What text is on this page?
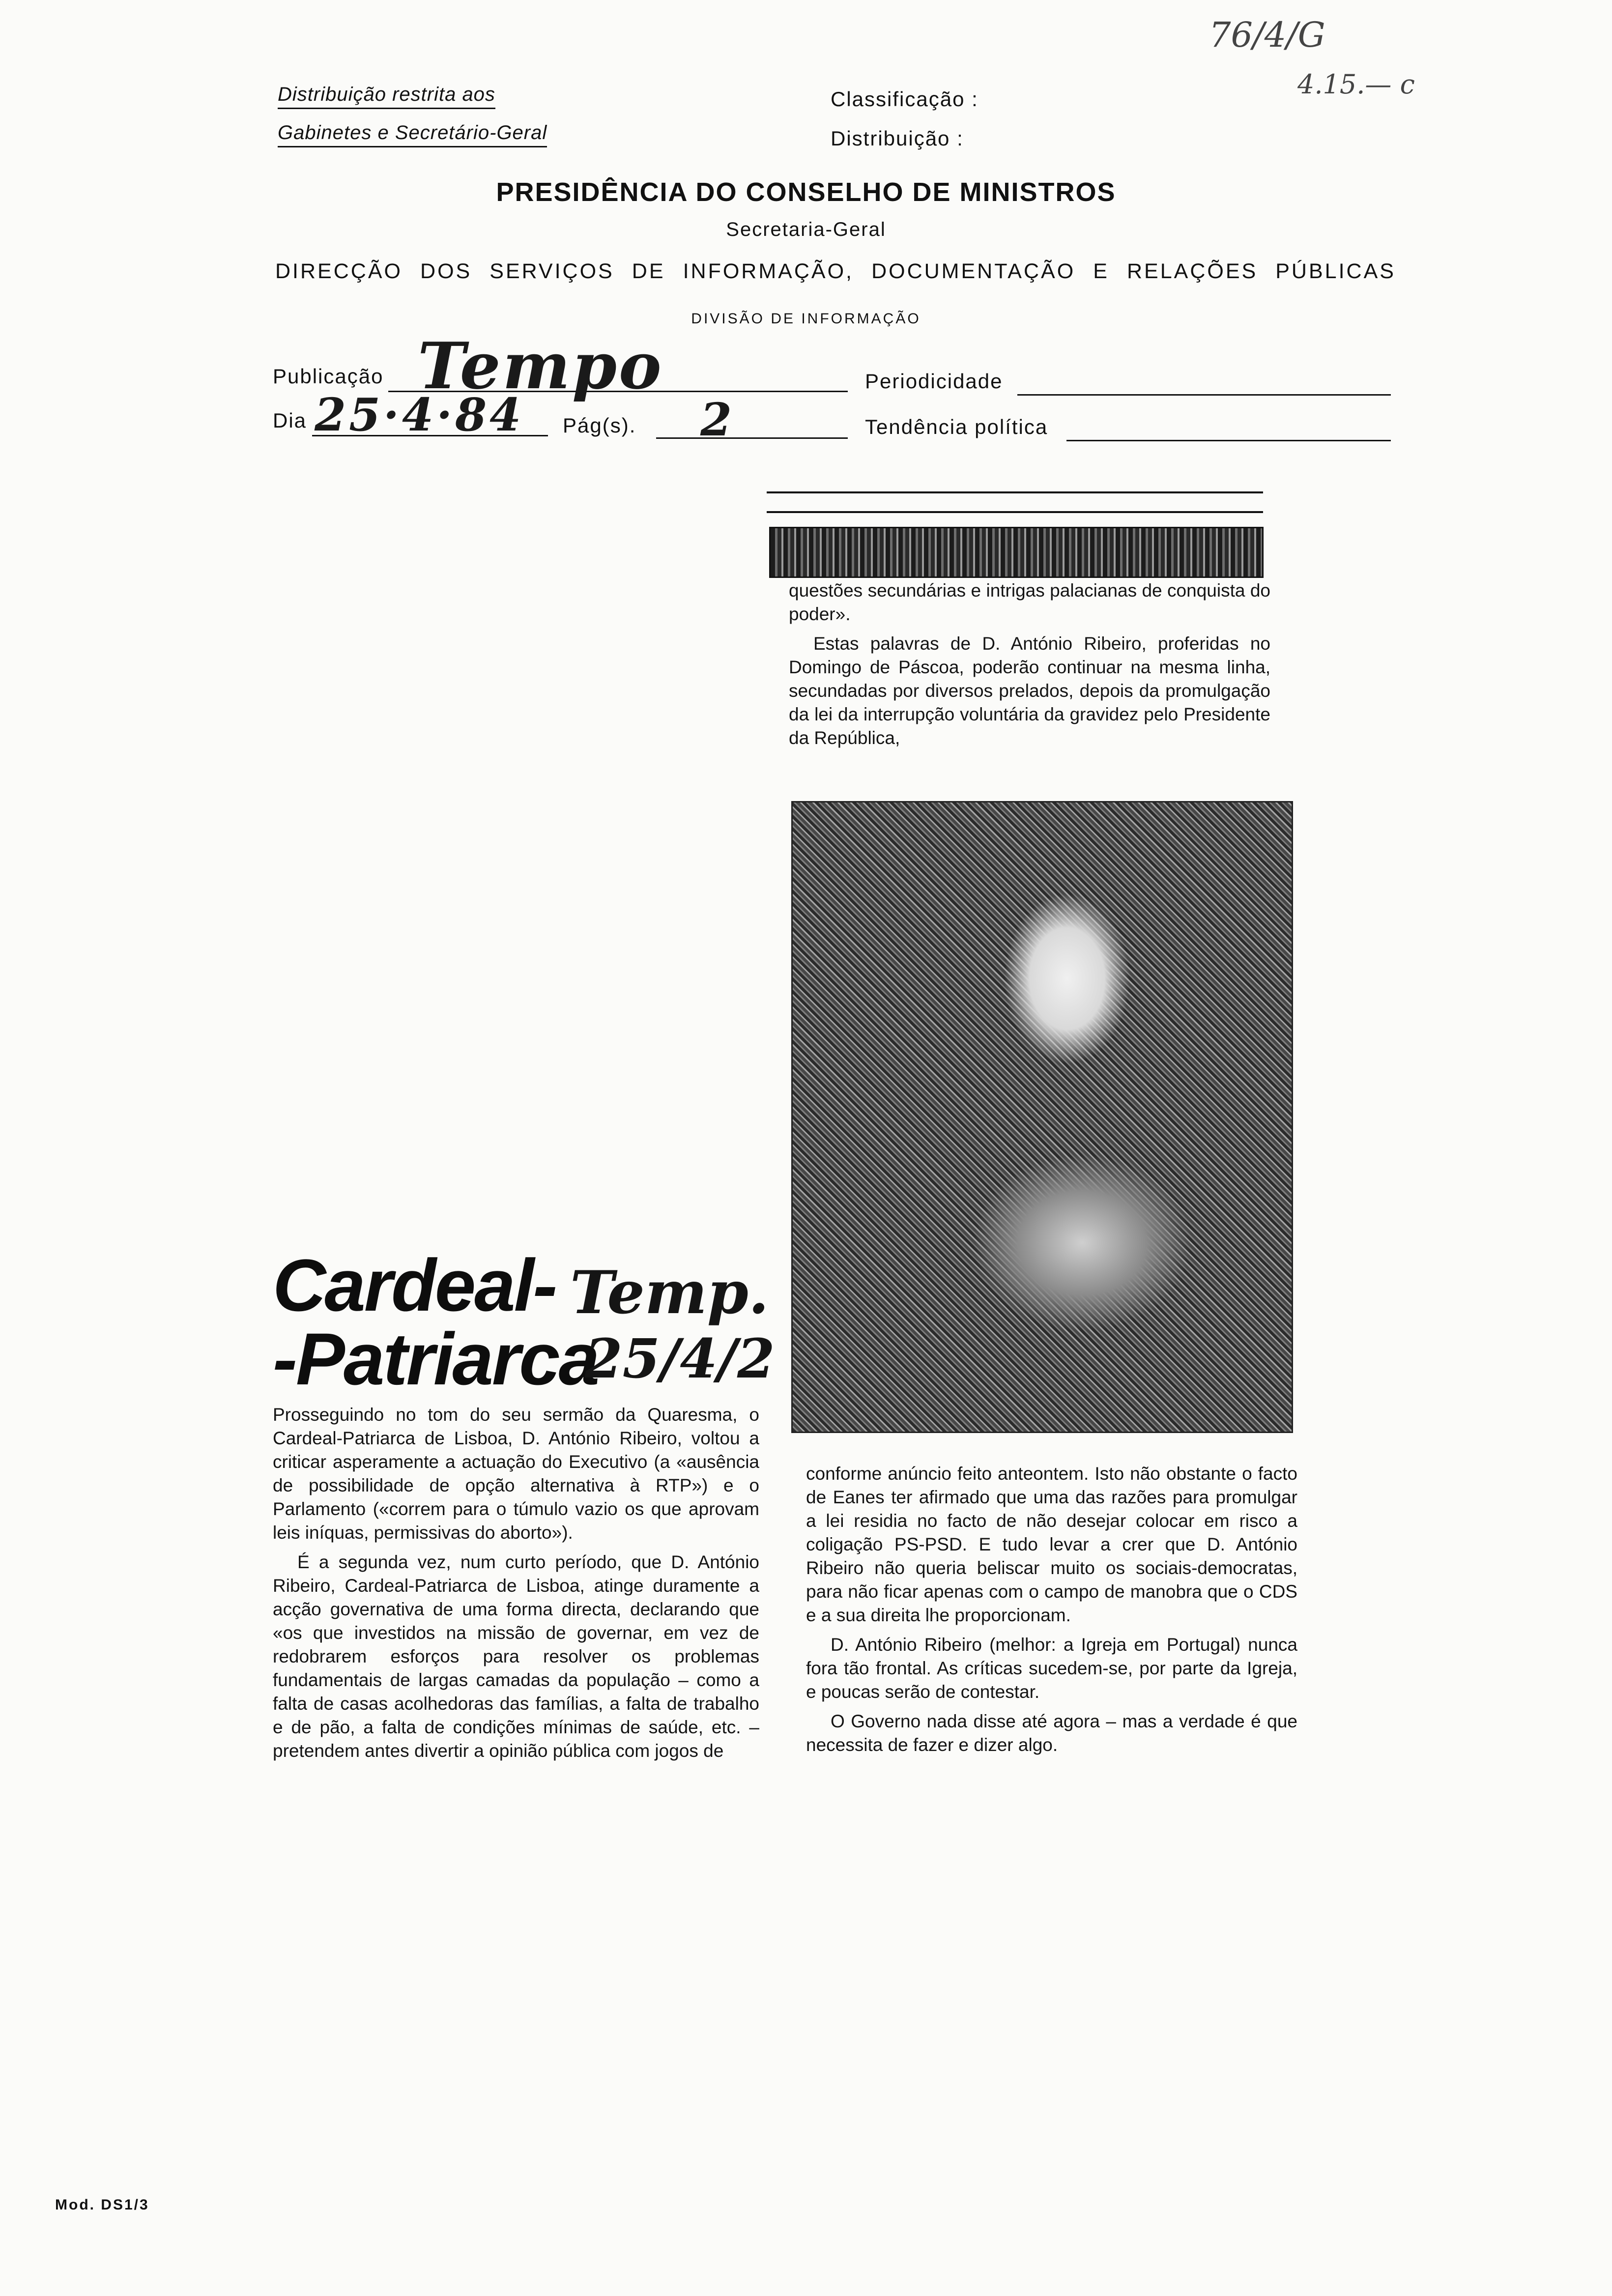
Distribuição restrita aos
Gabinetes e Secretário-Geral
Classificação :
Distribuição :
76/4/G
4.15.— c
PRESIDÊNCIA DO CONSELHO DE MINISTROS
Secretaria-Geral
DIRECÇÃO DOS SERVIÇOS DE INFORMAÇÃO, DOCUMENTAÇÃO E RELAÇÕES PÚBLICAS
DIVISÃO DE INFORMAÇÃO
Publicação Tempo	Periodicidade
Dia 25·4·84 Pág(s). 2	Tendência política

questões secundárias e intrigas palacianas de conquista do poder».

Estas palavras de D. António Ribeiro, proferidas no Domingo de Páscoa, poderão continuar na mesma linha, secundadas por diversos prelados, depois da promulgação da lei da interrupção voluntária da gravidez pelo Presidente da República,

Cardeal-
-Patriarca
Temp.
25/4/2

Prosseguindo no tom do seu sermão da Quaresma, o Cardeal-Patriarca de Lisboa, D. António Ribeiro, voltou a criticar asperamente a actuação do Executivo (a «ausência de possibilidade de opção alternativa à RTP») e o Parlamento («correm para o túmulo vazio os que aprovam leis iníquas, permissivas do aborto»).

É a segunda vez, num curto período, que D. António Ribeiro, Cardeal-Patriarca de Lisboa, atinge duramente a acção governativa de uma forma directa, declarando que «os que investidos na missão de governar, em vez de redobrarem esforços para resolver os problemas fundamentais de largas camadas da população – como a falta de casas acolhedoras das famílias, a falta de trabalho e de pão, a falta de condições mínimas de saúde, etc. – pretendem antes divertir a opinião pública com jogos de

conforme anúncio feito anteontem. Isto não obstante o facto de Eanes ter afirmado que uma das razões para promulgar a lei residia no facto de não desejar colocar em risco a coligação PS-PSD. E tudo levar a crer que D. António Ribeiro não queria beliscar muito os sociais-democratas, para não ficar apenas com o campo de manobra que o CDS e a sua direita lhe proporcionam.

D. António Ribeiro (melhor: a Igreja em Portugal) nunca fora tão frontal. As críticas sucedem-se, por parte da Igreja, e poucas serão de contestar.

O Governo nada disse até agora – mas a verdade é que necessita de fazer e dizer algo.

Mod. DS1/3
